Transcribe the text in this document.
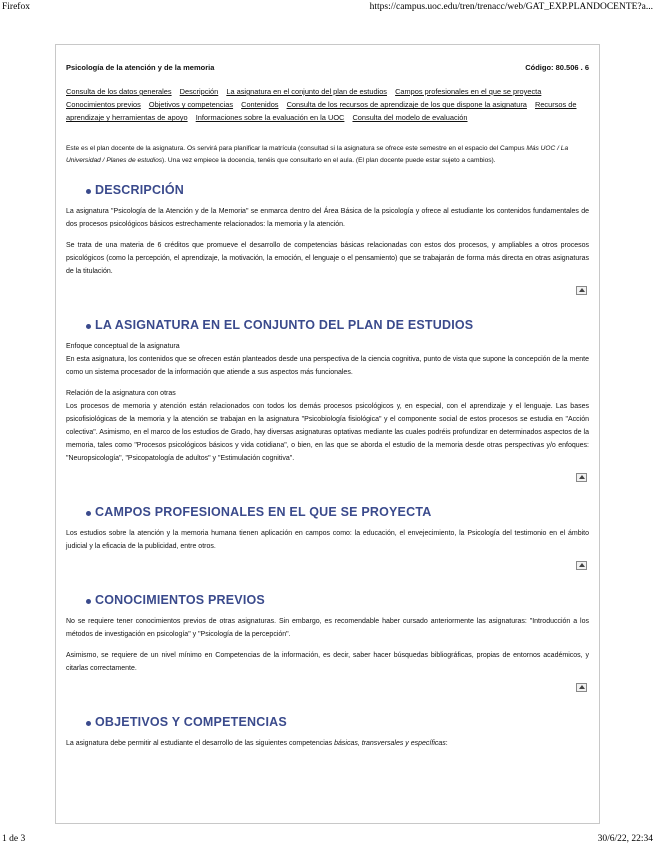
Firefox	https://campus.uoc.edu/tren/trenacc/web/GAT_EXP.PLANDOCENTE?a...
Psicología de la atención y de la memoria	Código: 80.506 . 6
Consulta de los datos generales Descripción La asignatura en el conjunto del plan de estudios Campos profesionales en el que se proyecta Conocimientos previos Objetivos y competencias Contenidos Consulta de los recursos de aprendizaje de los que dispone la asignatura Recursos de aprendizaje y herramientas de apoyo Informaciones sobre la evaluación en la UOC Consulta del modelo de evaluación
Este es el plan docente de la asignatura. Os servirá para planificar la matrícula (consultad si la asignatura se ofrece este semestre en el espacio del Campus Más UOC / La Universidad / Planes de estudios). Una vez empiece la docencia, tenéis que consultarlo en el aula. (El plan docente puede estar sujeto a cambios).
DESCRIPCIÓN

La asignatura "Psicología de la Atención y de la Memoria" se enmarca dentro del Área Básica de la psicología y ofrece al estudiante los contenidos fundamentales de dos procesos psicológicos básicos estrechamente relacionados: la memoria y la atención.

Se trata de una materia de 6 créditos que promueve el desarrollo de competencias básicas relacionadas con estos dos procesos, y ampliables a otros procesos psicológicos (como la percepción, el aprendizaje, la motivación, la emoción, el lenguaje o el pensamiento) que se trabajarán de forma más directa en otras asignaturas de la titulación.

LA ASIGNATURA EN EL CONJUNTO DEL PLAN DE ESTUDIOS

Enfoque conceptual de la asignatura

En esta asignatura, los contenidos que se ofrecen están planteados desde una perspectiva de la ciencia cognitiva, punto de vista que supone la concepción de la mente como un sistema procesador de la información que atiende a sus aspectos más funcionales.

Relación de la asignatura con otras

Los procesos de memoria y atención están relacionados con todos los demás procesos psicológicos y, en especial, con el aprendizaje y el lenguaje. Las bases psicofisiológicas de la memoria y la atención se trabajan en la asignatura "Psicobiología fisiológica" y el componente social de estos procesos se estudia en "Acción colectiva". Asimismo, en el marco de los estudios de Grado, hay diversas asignaturas optativas mediante las cuales podréis profundizar en determinados aspectos de la memoria, tales como "Procesos psicológicos básicos y vida cotidiana", o bien, en las que se aborda el estudio de la memoria desde otras perspectivas y/o enfoques: "Neuropsicología", "Psicopatología de adultos" y "Estimulación cognitiva".

CAMPOS PROFESIONALES EN EL QUE SE PROYECTA

Los estudios sobre la atención y la memoria humana tienen aplicación en campos como: la educación, el envejecimiento, la Psicología del testimonio en el ámbito judicial y la eficacia de la publicidad, entre otros.

CONOCIMIENTOS PREVIOS

No se requiere tener conocimientos previos de otras asignaturas. Sin embargo, es recomendable haber cursado anteriormente las asignaturas: "Introducción a los métodos de investigación en psicología" y "Psicología de la percepción".

Asimismo, se requiere de un nivel mínimo en Competencias de la información, es decir, saber hacer búsquedas bibliográficas, propias de entornos académicos, y citarlas correctamente.

OBJETIVOS Y COMPETENCIAS

La asignatura debe permitir al estudiante el desarrollo de las siguientes competencias básicas, transversales y específicas:

1 de 3	30/6/22, 22:34
